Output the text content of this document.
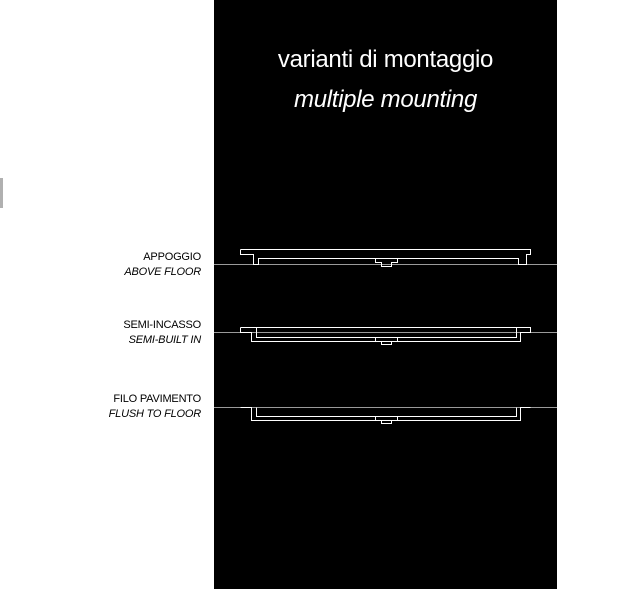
varianti di montaggio
multiple mounting
APPOGGIO
ABOVE FLOOR
SEMI-INCASSO
SEMI-BUILT IN
FILO PAVIMENTO
FLUSH TO FLOOR
